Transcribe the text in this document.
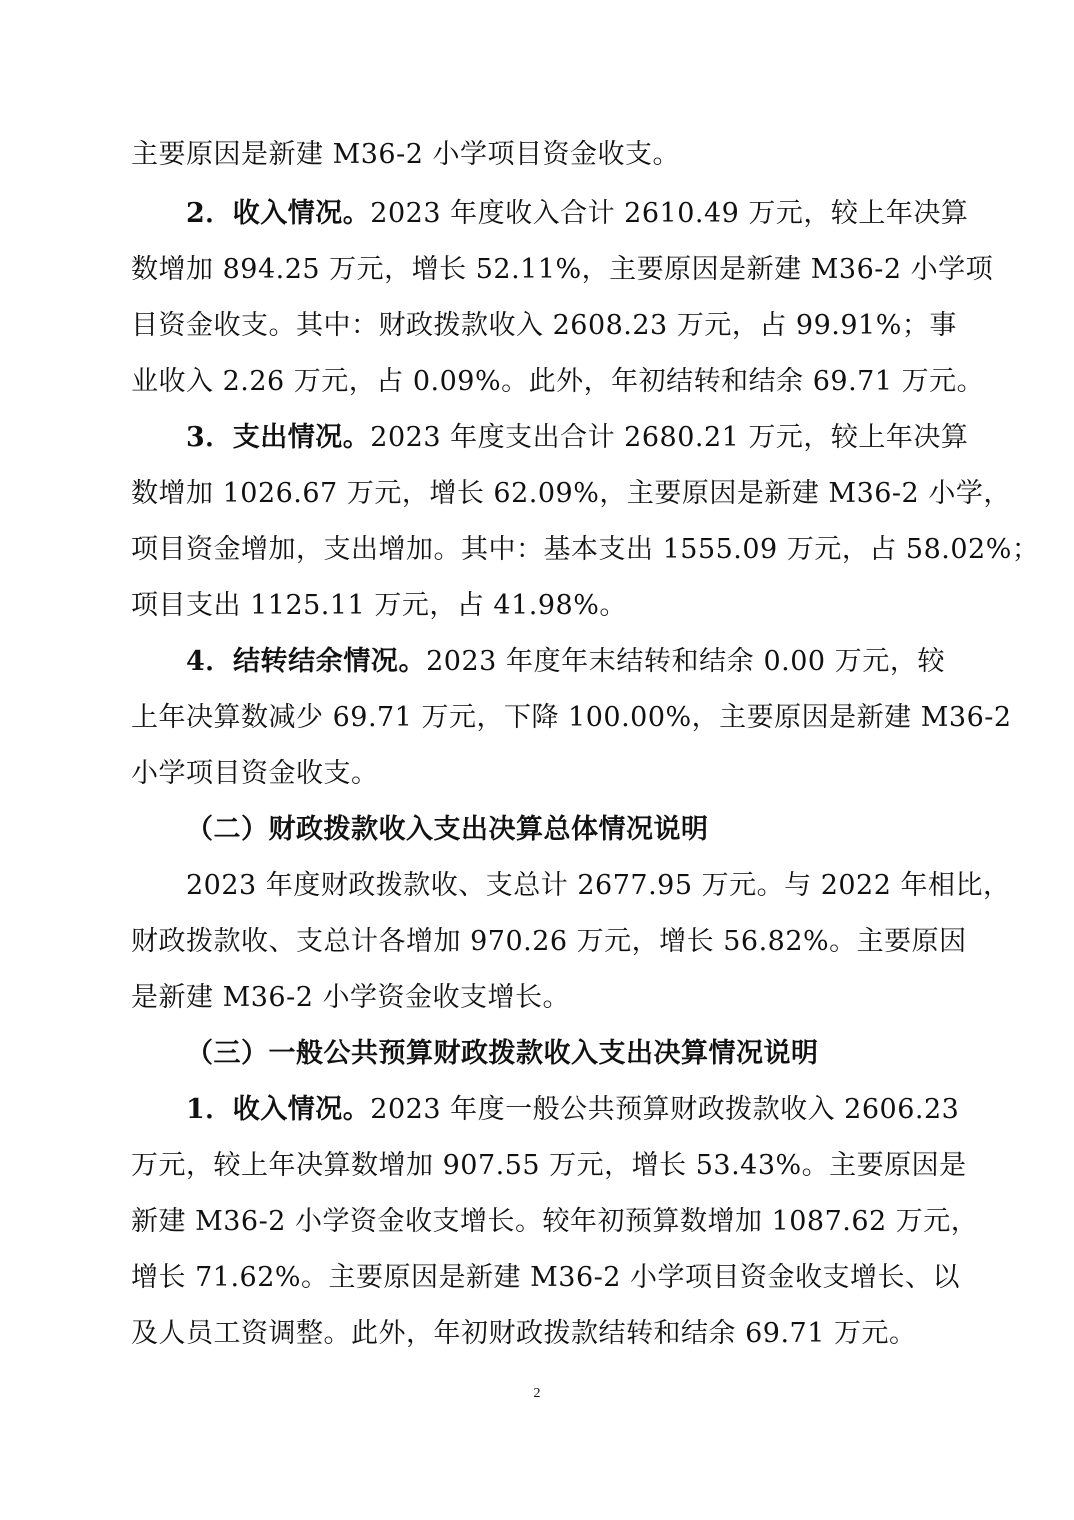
主要原因是新建 M36-2 小学项目资金收支。
2．收入情况。2023 年度收入合计 2610.49 万元，较上年决算
数增加 894.25 万元，增长 52.11%，主要原因是新建 M36-2 小学项
目资金收支。其中：财政拨款收入 2608.23 万元，占 99.91%；事
业收入 2.26 万元，占 0.09%。此外，年初结转和结余 69.71 万元。
3．支出情况。2023 年度支出合计 2680.21 万元，较上年决算
数增加 1026.67 万元，增长 62.09%，主要原因是新建 M36-2 小学，
项目资金增加，支出增加。其中：基本支出 1555.09 万元，占 58.02%；
项目支出 1125.11 万元，占 41.98%。
4．结转结余情况。2023 年度年末结转和结余 0.00 万元，较
上年决算数减少 69.71 万元，下降 100.00%，主要原因是新建 M36-2
小学项目资金收支。
（二）财政拨款收入支出决算总体情况说明
2023 年度财政拨款收、支总计 2677.95 万元。与 2022 年相比，
财政拨款收、支总计各增加 970.26 万元，增长 56.82%。主要原因
是新建 M36-2 小学资金收支增长。
（三）一般公共预算财政拨款收入支出决算情况说明
1．收入情况。2023 年度一般公共预算财政拨款收入 2606.23
万元，较上年决算数增加 907.55 万元，增长 53.43%。主要原因是
新建 M36-2 小学资金收支增长。较年初预算数增加 1087.62 万元，
增长 71.62%。主要原因是新建 M36-2 小学项目资金收支增长、以
及人员工资调整。此外，年初财政拨款结转和结余 69.71 万元。
2
